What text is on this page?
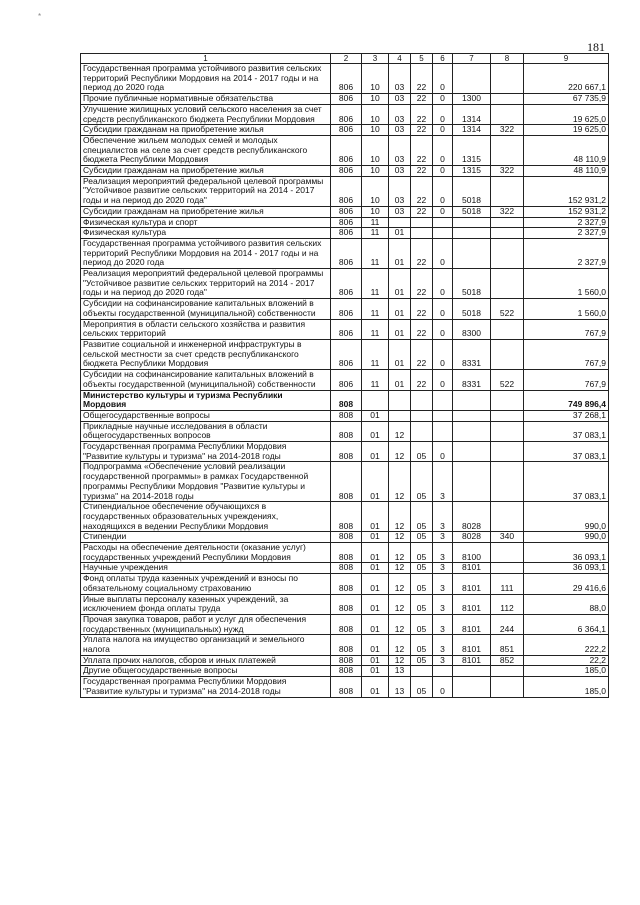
*
181
1	2	3	4	5	6	7	8	9
Государственная программа устойчивого развития сельских территорий Республики Мордовия на 2014 - 2017 годы и на период до 2020 года	806	10	03	22	0			220 667,1
Прочие публичные нормативные обязательства	806	10	03	22	0	1300		67 735,9
Улучшение жилищных условий сельского населения за счет средств республиканского бюджета Республики Мордовия	806	10	03	22	0	1314		19 625,0
Субсидии гражданам на приобретение жилья	806	10	03	22	0	1314	322	19 625,0
Обеспечение жильем молодых семей и молодых специалистов на селе за счет средств республиканского бюджета Республики Мордовия	806	10	03	22	0	1315		48 110,9
Субсидии гражданам на приобретение жилья	806	10	03	22	0	1315	322	48 110,9
Реализация мероприятий федеральной целевой программы "Устойчивое развитие сельских территорий на 2014 - 2017 годы и на период до 2020 года"	806	10	03	22	0	5018		152 931,2
Субсидии гражданам на приобретение жилья	806	10	03	22	0	5018	322	152 931,2
Физическая культура и спорт	806	11						2 327,9
Физическая культура	806	11	01					2 327,9
Государственная программа устойчивого развития сельских территорий Республики Мордовия на 2014 - 2017 годы и на период до 2020 года	806	11	01	22	0			2 327,9
Реализация мероприятий федеральной целевой программы "Устойчивое развитие сельских территорий на 2014 - 2017 годы и на период до 2020 года"	806	11	01	22	0	5018		1 560,0
Субсидии на софинансирование капитальных вложений в объекты государственной (муниципальной) собственности	806	11	01	22	0	5018	522	1 560,0
Мероприятия в области сельского хозяйства и развития сельских территорий	806	11	01	22	0	8300		767,9
Развитие социальной и инженерной инфраструктуры в сельской местности за счет средств республиканского бюджета Республики Мордовия	806	11	01	22	0	8331		767,9
Субсидии на софинансирование капитальных вложений в объекты государственной (муниципальной) собственности	806	11	01	22	0	8331	522	767,9
Министерство культуры и туризма Республики Мордовия	808							749 896,4
Общегосударственные вопросы	808	01						37 268,1
Прикладные научные исследования в области общегосударственных вопросов	808	01	12					37 083,1
Государственная программа Республики Мордовия "Развитие культуры и туризма" на 2014-2018 годы	808	01	12	05	0			37 083,1
Подпрограмма «Обеспечение условий реализации государственной программы» в рамках Государственной программы Республики Мордовия "Развитие культуры и туризма" на 2014-2018 годы	808	01	12	05	3			37 083,1
Стипендиальное обеспечение обучающихся в государственных образовательных учреждениях, находящихся в ведении Республики Мордовия	808	01	12	05	3	8028		990,0
Стипендии	808	01	12	05	3	8028	340	990,0
Расходы на обеспечение деятельности (оказание услуг) государственных учреждений Республики Мордовия	808	01	12	05	3	8100		36 093,1
Научные учреждения	808	01	12	05	3	8101		36 093,1
Фонд оплаты труда казенных учреждений и взносы по обязательному социальному страхованию	808	01	12	05	3	8101	111	29 416,6
Иные выплаты персоналу казенных учреждений, за исключением фонда оплаты труда	808	01	12	05	3	8101	112	88,0
Прочая закупка товаров, работ и услуг для обеспечения государственных (муниципальных) нужд	808	01	12	05	3	8101	244	6 364,1
Уплата налога на имущество организаций и земельного налога	808	01	12	05	3	8101	851	222,2
Уплата прочих налогов, сборов и иных платежей	808	01	12	05	3	8101	852	22,2
Другие общегосударственные вопросы	808	01	13					185,0
Государственная программа Республики Мордовия "Развитие культуры и туризма" на 2014-2018 годы	808	01	13	05	0			185,0
